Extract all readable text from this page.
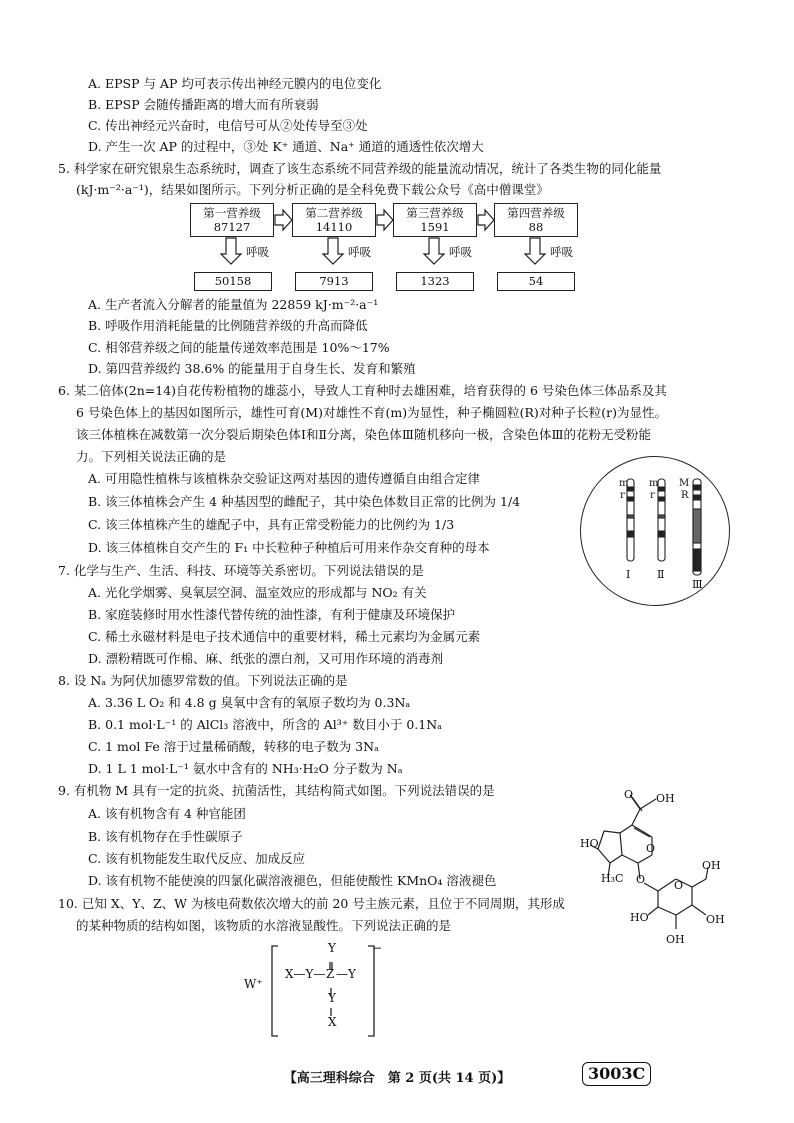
A. EPSP 与 AP 均可表示传出神经元膜内的电位变化
B. EPSP 会随传播距离的增大而有所衰弱
C. 传出神经元兴奋时，电信号可从②处传导至③处
D. 产生一次 AP 的过程中，③处 K⁺ 通道、Na⁺ 通道的通透性依次增大
5. 科学家在研究银泉生态系统时，调查了该生态系统不同营养级的能量流动情况，统计了各类生物的同化能量
(kJ·m⁻²·a⁻¹)，结果如图所示。下列分析正确的是全科免费下载公众号《高中僧课堂》
第一营养级
87127
第二营养级
14110
第三营养级
1591
第四营养级
88
呼吸	呼吸	呼吸	呼吸
50158	7913	1323	54
A. 生产者流入分解者的能量值为 22859 kJ·m⁻²·a⁻¹
B. 呼吸作用消耗能量的比例随营养级的升高而降低
C. 相邻营养级之间的能量传递效率范围是 10%～17%
D. 第四营养级约 38.6% 的能量用于自身生长、发育和繁殖
6. 某二倍体(2n=14)自花传粉植物的雄蕊小，导致人工育种时去雄困难，培育获得的 6 号染色体三体品系及其
6 号染色体上的基因如图所示，雄性可育(M)对雄性不育(m)为显性，种子椭圆粒(R)对种子长粒(r)为显性。
该三体植株在减数第一次分裂后期染色体Ⅰ和Ⅱ分离，染色体Ⅲ随机移向一极，含染色体Ⅲ的花粉无受粉能
力。下列相关说法正确的是
A. 可用隐性植株与该植株杂交验证这两对基因的遗传遵循自由组合定律
B. 该三体植株会产生 4 种基因型的雌配子，其中染色体数目正常的比例为 1/4
C. 该三体植株产生的雄配子中，具有正常受粉能力的比例约为 1/3
D. 该三体植株自交产生的 F₁ 中长粒种子种植后可用来作杂交育种的母本
m
r
m
r
M
R
Ⅰ Ⅱ
Ⅲ
7. 化学与生产、生活、科技、环境等关系密切。下列说法错误的是
A. 光化学烟雾、臭氧层空洞、温室效应的形成都与 NO₂ 有关
B. 家庭装修时用水性漆代替传统的油性漆，有利于健康及环境保护
C. 稀土永磁材料是电子技术通信中的重要材料，稀土元素均为金属元素
D. 漂粉精既可作棉、麻、纸张的漂白剂，又可用作环境的消毒剂
8. 设 Nₐ 为阿伏加德罗常数的值。下列说法正确的是
A. 3.36 L O₂ 和 4.8 g 臭氧中含有的氧原子数均为 0.3Nₐ
B. 0.1 mol·L⁻¹ 的 AlCl₃ 溶液中，所含的 Al³⁺ 数目小于 0.1Nₐ
C. 1 mol Fe 溶于过量稀硝酸，转移的电子数为 3Nₐ
D. 1 L 1 mol·L⁻¹ 氨水中含有的 NH₃·H₂O 分子数为 Nₐ
9. 有机物 M 具有一定的抗炎、抗菌活性，其结构简式如图。下列说法错误的是
A. 该有机物含有 4 种官能团
B. 该有机物存在手性碳原子
C. 该有机物能发生取代反应、加成反应
D. 该有机物不能使溴的四氯化碳溶液褪色，但能使酸性 KMnO₄ 溶液褪色
O OH
HO	O
H₃C O	O
OH
HO	OH
OH
10. 已知 X、Y、Z、W 为核电荷数依次增大的前 20 号主族元素，且位于不同周期，其形成
的某种物质的结构如图，该物质的水溶液显酸性。下列说法正确的是
W⁺
Y	−
X—Y— Z —Y
Y
X
【高三理科综合　第 2 页(共 14 页)】	3003C
